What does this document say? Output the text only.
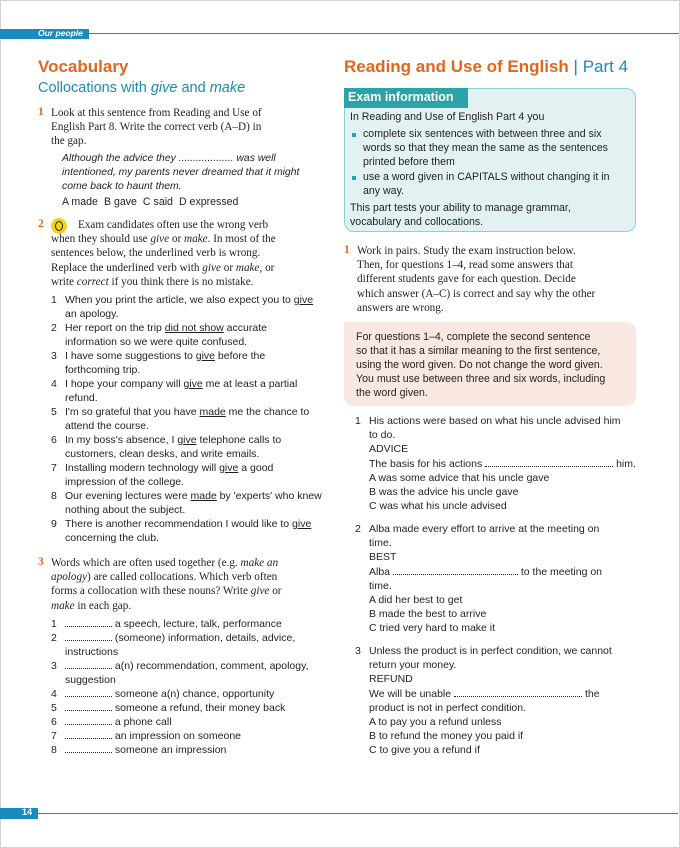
Our people
Vocabulary
Collocations with give and make
1 Look at this sentence from Reading and Use of
English Part 8. Write the correct verb (A–D) in
the gap.
Although the advice they ................... was well
intentioned, my parents never dreamed that it might
come back to haunt them.
A made B gave C said D expressed
2	Exam candidates often use the wrong verb
when they should use give or make. In most of the
sentences below, the underlined verb is wrong.
Replace the underlined verb with give or make, or
write correct if you think there is no mistake.
1 When you print the article, we also expect you to give
an apology.
2 Her report on the trip did not show accurate
information so we were quite confused.
3 I have some suggestions to give before the
forthcoming trip.
4 I hope your company will give me at least a partial
refund.
5 I'm so grateful that you have made me the chance to
attend the course.
6 In my boss's absence, I give telephone calls to
customers, clean desks, and write emails.
7 Installing modern technology will give a good
impression of the college.
8 Our evening lectures were made by 'experts' who knew
nothing about the subject.
9 There is another recommendation I would like to give
concerning the club.
3 Words which are often used together (e.g. make an
apology) are called collocations. Which verb often
forms a collocation with these nouns? Write give or
make in each gap.
1	a speech, lecture, talk, performance
2	(someone) information, details, advice,
instructions
3	a(n) recommendation, comment, apology,
suggestion
4	someone a(n) chance, opportunity
5	someone a refund, their money back
6	a phone call
7	an impression on someone
8	someone an impression
Reading and Use of English | Part 4
Exam information
In Reading and Use of English Part 4 you
complete six sentences with between three and six
words so that they mean the same as the sentences
printed before them
use a word given in CAPITALS without changing it in
any way.
This part tests your ability to manage grammar,
vocabulary and collocations.
1 Work in pairs. Study the exam instruction below.
Then, for questions 1–4, read some answers that
different students gave for each question. Decide
which answer (A–C) is correct and say why the other
answers are wrong.
For questions 1–4, complete the second sentence
so that it has a similar meaning to the first sentence,
using the word given. Do not change the word given.
You must use between three and six words, including
the word given.
1 His actions were based on what his uncle advised him
to do.
ADVICE
The basis for his actions	him.
A was some advice that his uncle gave
B was the advice his uncle gave
C was what his uncle advised
2 Alba made every effort to arrive at the meeting on
time.
BEST
Alba	to the meeting on
time.
A did her best to get
B made the best to arrive
C tried very hard to make it
3 Unless the product is in perfect condition, we cannot
return your money.
REFUND
We will be unable	the
product is not in perfect condition.
A to pay you a refund unless
B to refund the money you paid if
C to give you a refund if
14
